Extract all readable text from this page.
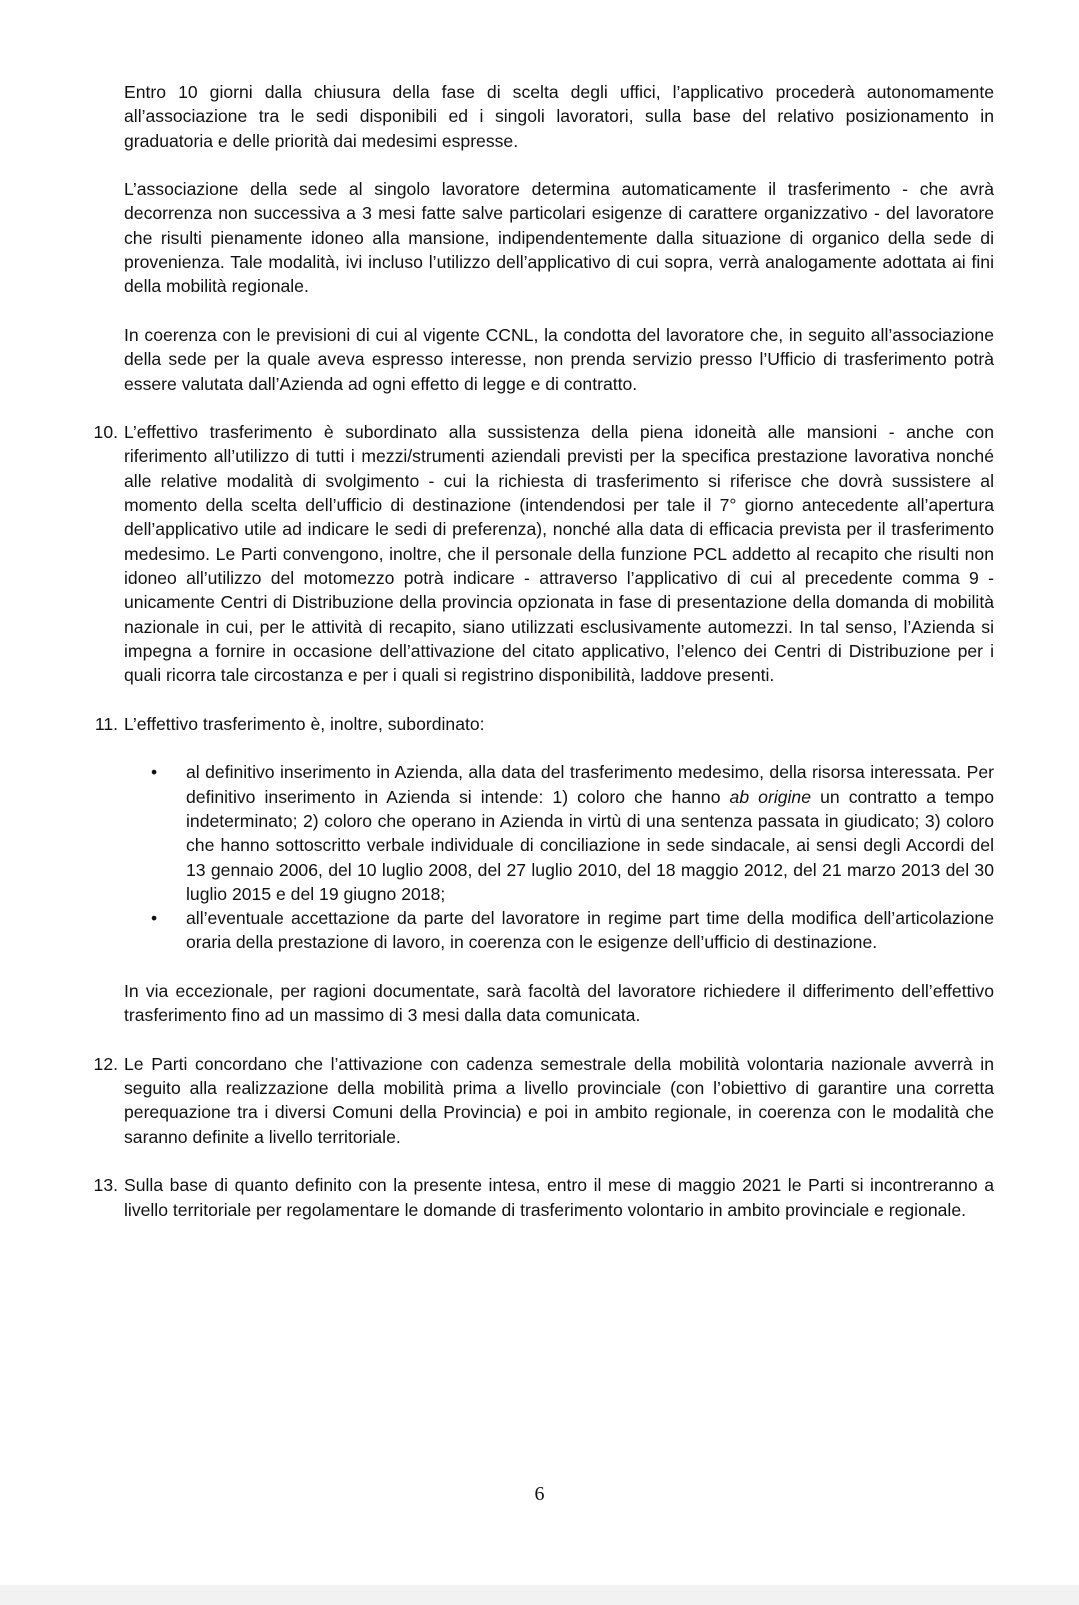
Entro 10 giorni dalla chiusura della fase di scelta degli uffici, l’applicativo procederà autonomamente all’associazione tra le sedi disponibili ed i singoli lavoratori, sulla base del relativo posizionamento in graduatoria e delle priorità dai medesimi espresse.

L’associazione della sede al singolo lavoratore determina automaticamente il trasferimento - che avrà decorrenza non successiva a 3 mesi fatte salve particolari esigenze di carattere organizzativo - del lavoratore che risulti pienamente idoneo alla mansione, indipendentemente dalla situazione di organico della sede di provenienza. Tale modalità, ivi incluso l’utilizzo dell’applicativo di cui sopra, verrà analogamente adottata ai fini della mobilità regionale.

In coerenza con le previsioni di cui al vigente CCNL, la condotta del lavoratore che, in seguito all’associazione della sede per la quale aveva espresso interesse, non prenda servizio presso l’Ufficio di trasferimento potrà essere valutata dall’Azienda ad ogni effetto di legge e di contratto.

10. L’effettivo trasferimento è subordinato alla sussistenza della piena idoneità alle mansioni - anche con riferimento all’utilizzo di tutti i mezzi/strumenti aziendali previsti per la specifica prestazione lavorativa nonché alle relative modalità di svolgimento - cui la richiesta di trasferimento si riferisce che dovrà sussistere al momento della scelta dell’ufficio di destinazione (intendendosi per tale il 7° giorno antecedente all’apertura dell’applicativo utile ad indicare le sedi di preferenza), nonché alla data di efficacia prevista per il trasferimento medesimo. Le Parti convengono, inoltre, che il personale della funzione PCL addetto al recapito che risulti non idoneo all’utilizzo del motomezzo potrà indicare - attraverso l’applicativo di cui al precedente comma 9 - unicamente Centri di Distribuzione della provincia opzionata in fase di presentazione della domanda di mobilità nazionale in cui, per le attività di recapito, siano utilizzati esclusivamente automezzi. In tal senso, l’Azienda si impegna a fornire in occasione dell’attivazione del citato applicativo, l’elenco dei Centri di Distribuzione per i quali ricorra tale circostanza e per i quali si registrino disponibilità, laddove presenti.
11. L’effettivo trasferimento è, inoltre, subordinato:
• al definitivo inserimento in Azienda, alla data del trasferimento medesimo, della risorsa interessata. Per definitivo inserimento in Azienda si intende: 1) coloro che hanno ab origine un contratto a tempo indeterminato; 2) coloro che operano in Azienda in virtù di una sentenza passata in giudicato; 3) coloro che hanno sottoscritto verbale individuale di conciliazione in sede sindacale, ai sensi degli Accordi del 13 gennaio 2006, del 10 luglio 2008, del 27 luglio 2010, del 18 maggio 2012, del 21 marzo 2013 del 30 luglio 2015 e del 19 giugno 2018;
• all’eventuale accettazione da parte del lavoratore in regime part time della modifica dell’articolazione oraria della prestazione di lavoro, in coerenza con le esigenze dell’ufficio di destinazione.

In via eccezionale, per ragioni documentate, sarà facoltà del lavoratore richiedere il differimento dell’effettivo trasferimento fino ad un massimo di 3 mesi dalla data comunicata.

12. Le Parti concordano che l’attivazione con cadenza semestrale della mobilità volontaria nazionale avverrà in seguito alla realizzazione della mobilità prima a livello provinciale (con l’obiettivo di garantire una corretta perequazione tra i diversi Comuni della Provincia) e poi in ambito regionale, in coerenza con le modalità che saranno definite a livello territoriale.
13. Sulla base di quanto definito con la presente intesa, entro il mese di maggio 2021 le Parti si incontreranno a livello territoriale per regolamentare le domande di trasferimento volontario in ambito provinciale e regionale.
6
